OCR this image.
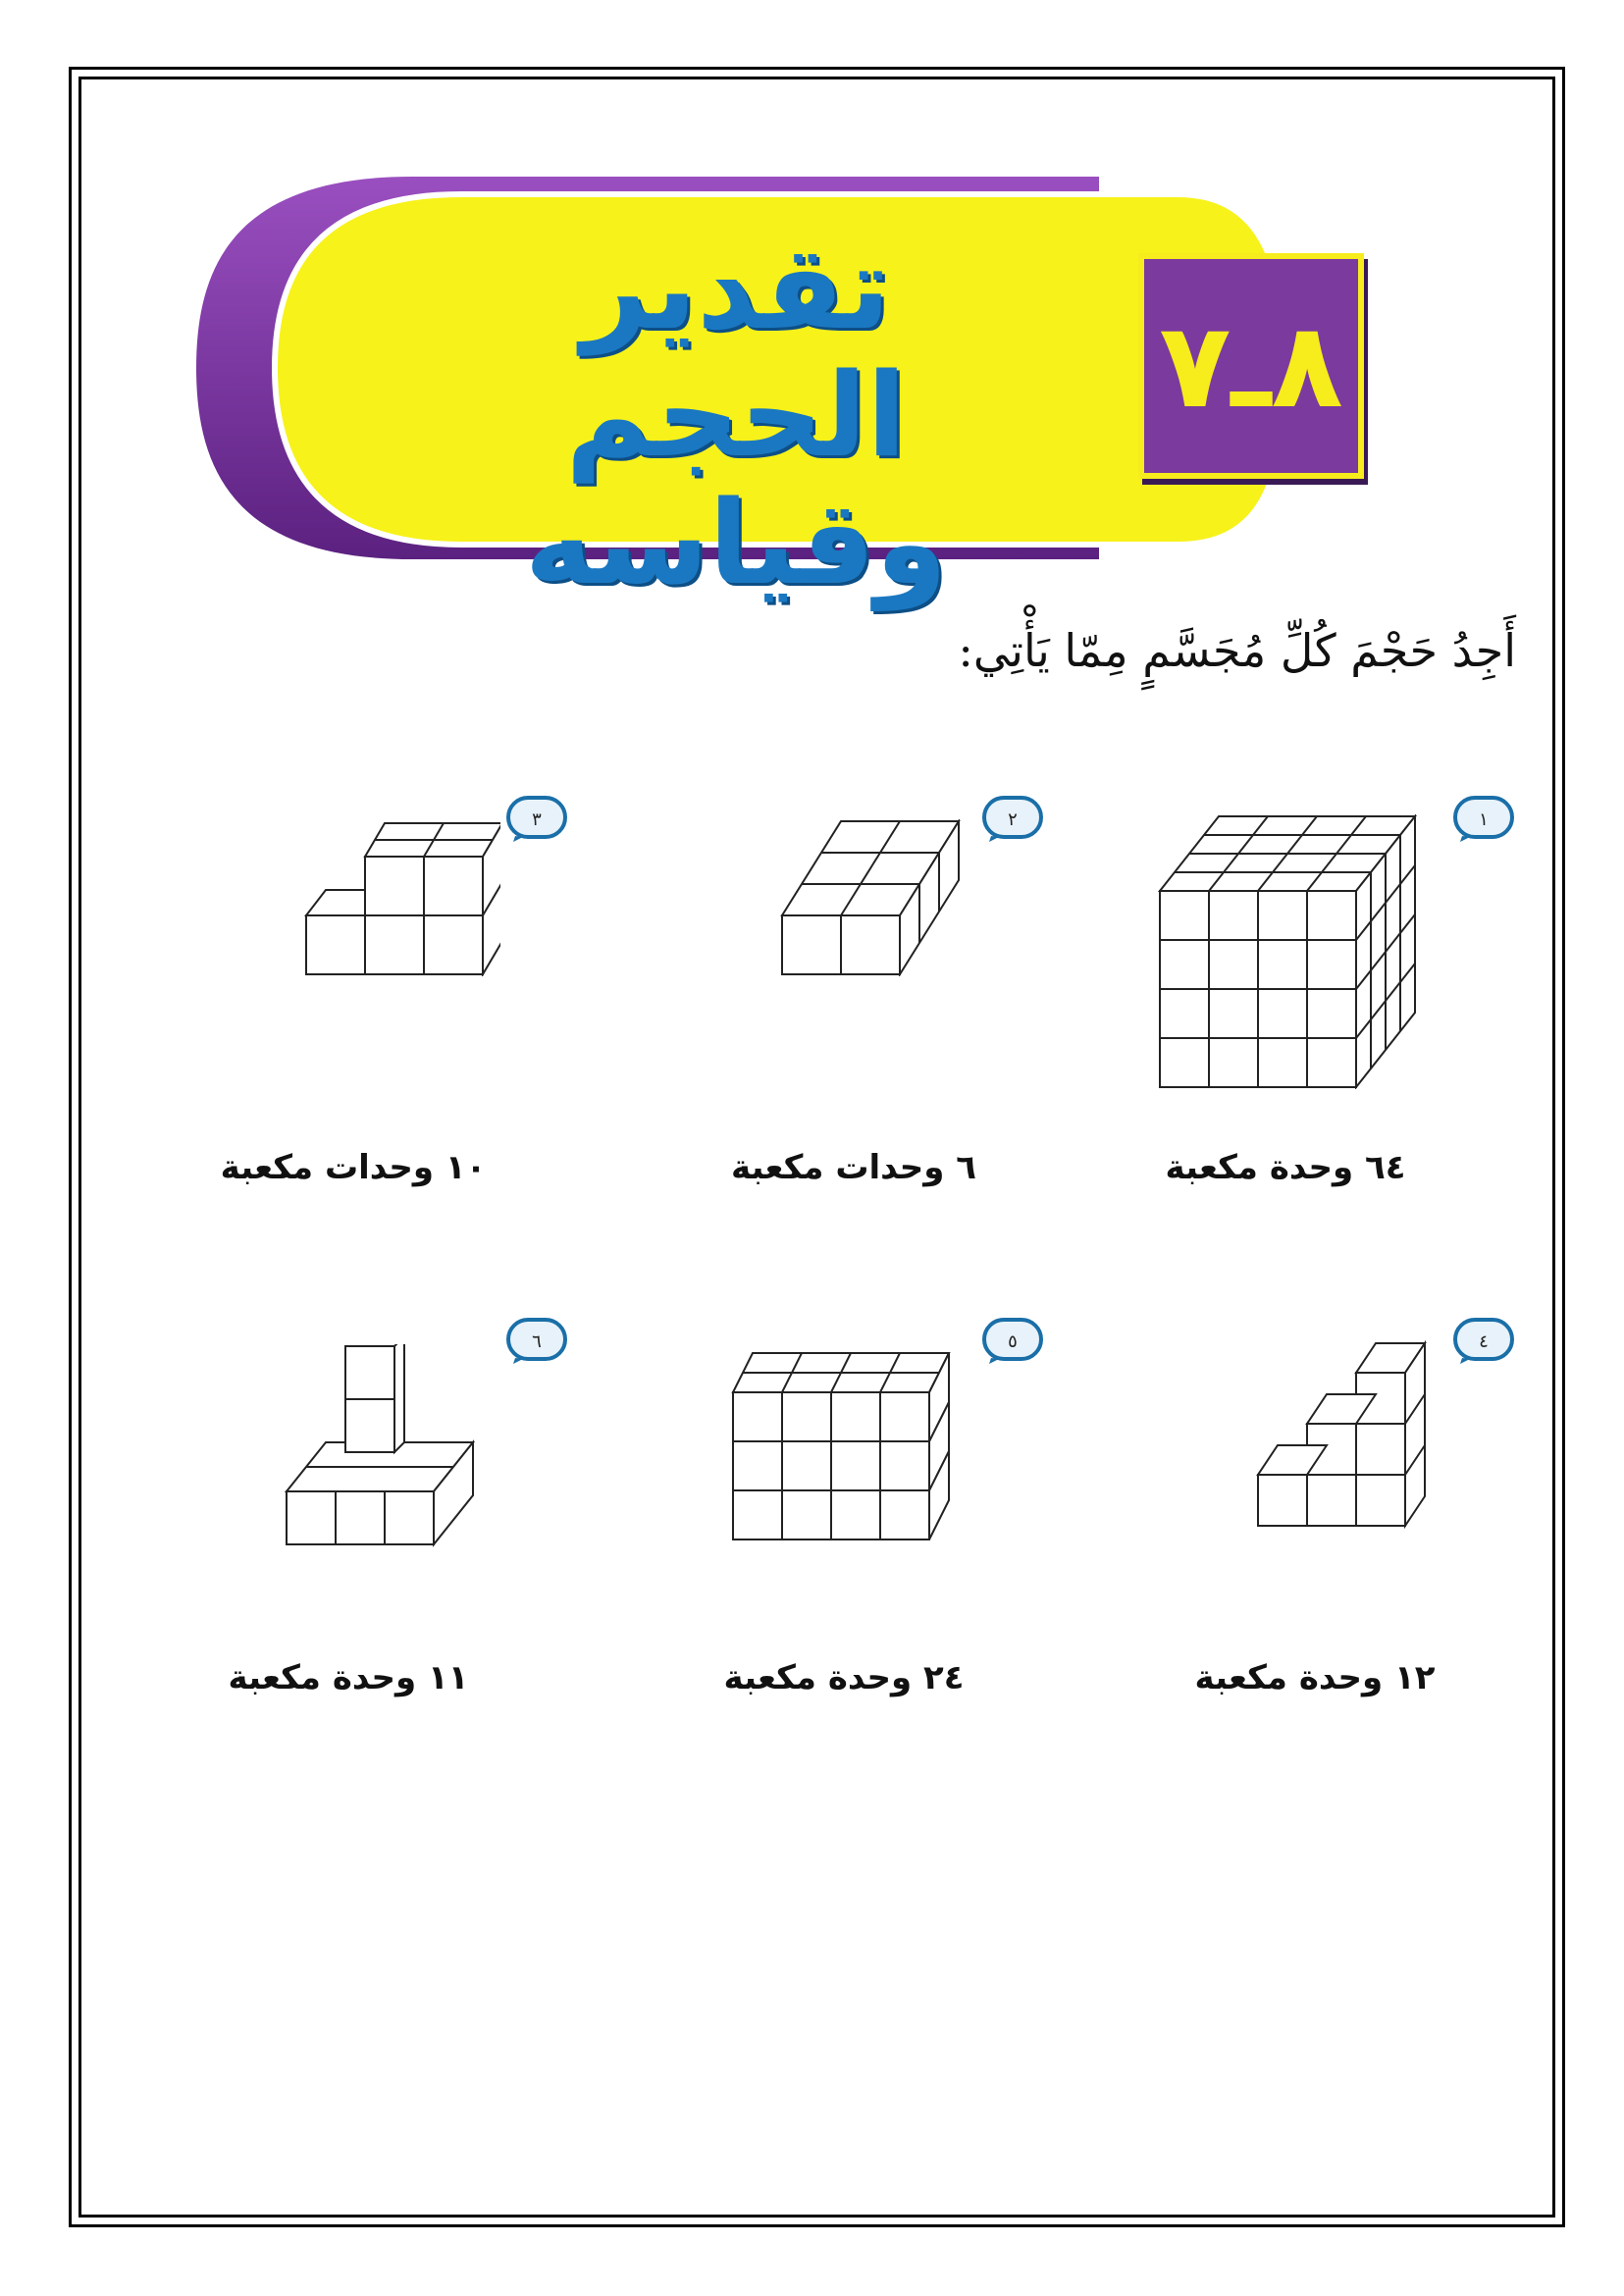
تقدير الحجم
وقياسه
٨ـ٧
أَجِدُ حَجْمَ كُلِّ مُجَسَّمٍ مِمّا يَأْتِي:
١
٢
٣
٤
٥
٦
٦٤ وحدة مكعبة
٦ وحدات مكعبة
١٠ وحدات مكعبة
١٢ وحدة مكعبة
٢٤ وحدة مكعبة
١١ وحدة مكعبة
